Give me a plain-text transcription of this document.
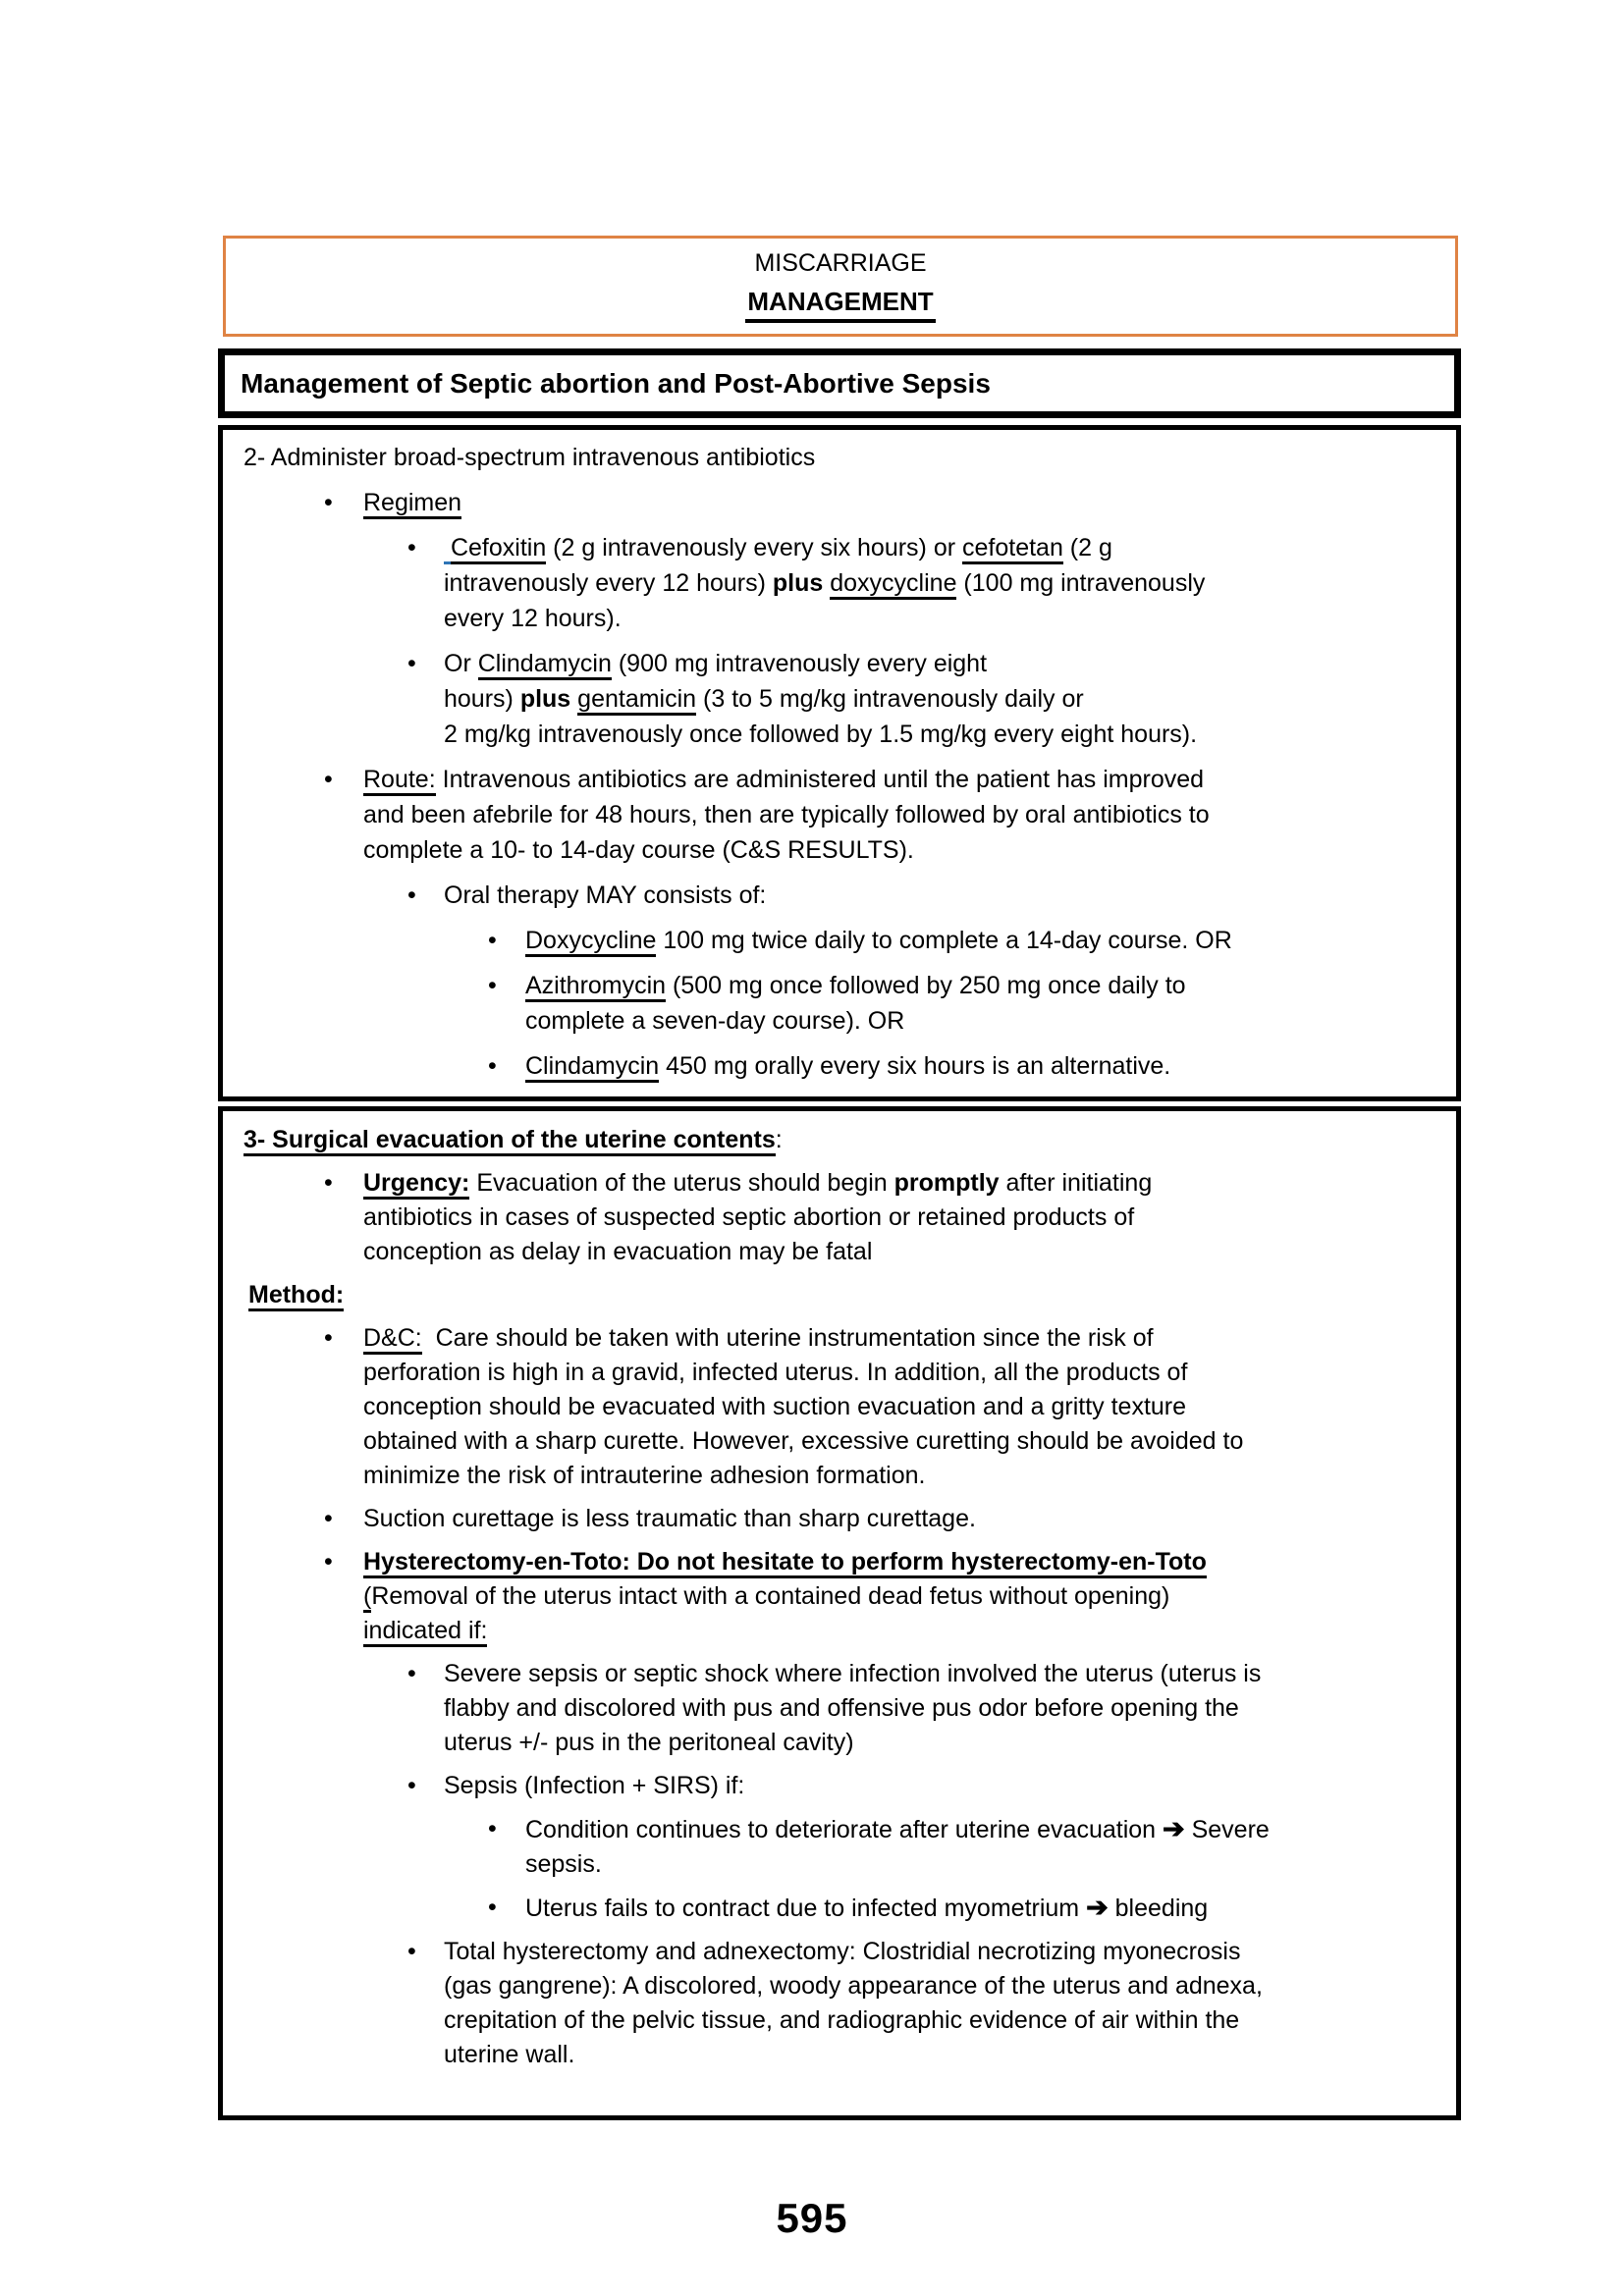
MISCARRIAGE
MANAGEMENT
Management of Septic abortion and Post-Abortive Sepsis
2- Administer broad-spectrum intravenous antibiotics
• Regimen
• Cefoxitin (2 g intravenously every six hours) or cefotetan (2 g
intravenously every 12 hours) plus doxycycline (100 mg intravenously
every 12 hours).
• Or Clindamycin (900 mg intravenously every eight
hours) plus gentamicin (3 to 5 mg/kg intravenously daily or
2 mg/kg intravenously once followed by 1.5 mg/kg every eight hours).
• Route: Intravenous antibiotics are administered until the patient has improved
and been afebrile for 48 hours, then are typically followed by oral antibiotics to
complete a 10- to 14-day course (C&S RESULTS).
• Oral therapy MAY consists of:
• Doxycycline 100 mg twice daily to complete a 14-day course. OR
• Azithromycin (500 mg once followed by 250 mg once daily to
complete a seven-day course). OR
• Clindamycin 450 mg orally every six hours is an alternative.
3- Surgical evacuation of the uterine contents:
• Urgency: Evacuation of the uterus should begin promptly after initiating
antibiotics in cases of suspected septic abortion or retained products of
conception as delay in evacuation may be fatal
Method:
• D&C:  Care should be taken with uterine instrumentation since the risk of
perforation is high in a gravid, infected uterus. In addition, all the products of
conception should be evacuated with suction evacuation and a gritty texture
obtained with a sharp curette. However, excessive curetting should be avoided to
minimize the risk of intrauterine adhesion formation.
• Suction curettage is less traumatic than sharp curettage.
• Hysterectomy-en-Toto: Do not hesitate to perform hysterectomy-en-Toto
(Removal of the uterus intact with a contained dead fetus without opening)
indicated if:
• Severe sepsis or septic shock where infection involved the uterus (uterus is
flabby and discolored with pus and offensive pus odor before opening the
uterus +/- pus in the peritoneal cavity)
• Sepsis (Infection + SIRS) if:
• Condition continues to deteriorate after uterine evacuation ➔ Severe
sepsis.
• Uterus fails to contract due to infected myometrium ➔ bleeding
• Total hysterectomy and adnexectomy: Clostridial necrotizing myonecrosis
(gas gangrene): A discolored, woody appearance of the uterus and adnexa,
crepitation of the pelvic tissue, and radiographic evidence of air within the
uterine wall.
595
